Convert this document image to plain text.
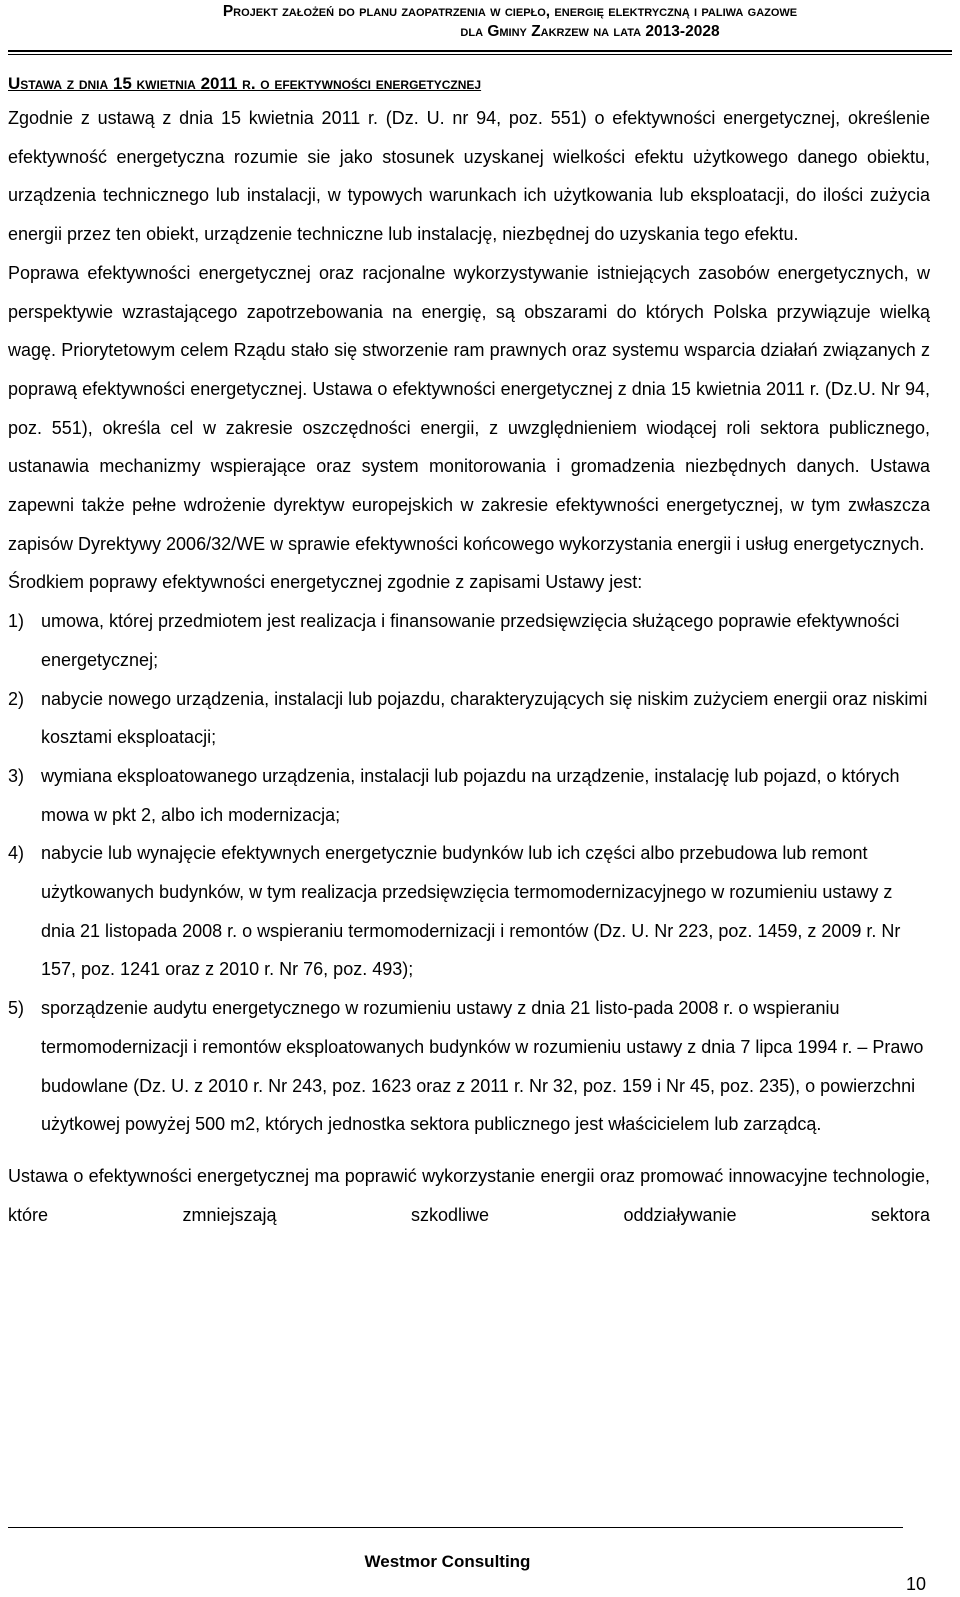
Projekt założeń do planu zaopatrzenia w ciepło, energię elektryczną i paliwa gazowe
dla Gminy Zakrzew na lata 2013-2028
Ustawa z dnia 15 kwietnia 2011 r. o efektywności energetycznej

Zgodnie z ustawą z dnia 15 kwietnia 2011 r. (Dz. U. nr 94, poz. 551) o efektywności energetycznej, określenie efektywność energetyczna rozumie sie jako stosunek uzyskanej wielkości efektu użytkowego danego obiektu, urządzenia technicznego lub instalacji, w typowych warunkach ich użytkowania lub eksploatacji, do ilości zużycia energii przez ten obiekt, urządzenie techniczne lub instalację, niezbędnej do uzyskania tego efektu.

Poprawa efektywności energetycznej oraz racjonalne wykorzystywanie istniejących zasobów energetycznych, w perspektywie wzrastającego zapotrzebowania na energię, są obszarami do których Polska przywiązuje wielką wagę. Priorytetowym celem Rządu stało się stworzenie ram prawnych oraz systemu wsparcia działań związanych z poprawą efektywności energetycznej. Ustawa o efektywności energetycznej z dnia 15 kwietnia 2011 r. (Dz.U. Nr 94, poz. 551), określa cel w zakresie oszczędności energii, z uwzględnieniem wiodącej roli sektora publicznego, ustanawia mechanizmy wspierające oraz system monitorowania i gromadzenia niezbędnych danych. Ustawa zapewni także pełne wdrożenie dyrektyw europejskich w zakresie efektywności energetycznej, w tym zwłaszcza zapisów Dyrektywy 2006/32/WE w sprawie efektywności końcowego wykorzystania energii i usług energetycznych.

Środkiem poprawy efektywności energetycznej zgodnie z zapisami Ustawy jest:

1) umowa, której przedmiotem jest realizacja i finansowanie przedsięwzięcia służącego poprawie efektywności energetycznej;
2) nabycie nowego urządzenia, instalacji lub pojazdu, charakteryzujących się niskim zużyciem energii oraz niskimi kosztami eksploatacji;
3) wymiana eksploatowanego urządzenia, instalacji lub pojazdu na urządzenie, instalację lub pojazd, o których mowa w pkt 2, albo ich modernizacja;
4) nabycie lub wynajęcie efektywnych energetycznie budynków lub ich części albo przebudowa lub remont użytkowanych budynków, w tym realizacja przedsięwzięcia termomodernizacyjnego w rozumieniu ustawy z dnia 21 listopada 2008 r. o wspieraniu termomodernizacji i remontów (Dz. U. Nr 223, poz. 1459, z 2009 r. Nr 157, poz. 1241 oraz z 2010 r. Nr 76, poz. 493);
5) sporządzenie audytu energetycznego w rozumieniu ustawy z dnia 21 listo-pada 2008 r. o wspieraniu termomodernizacji i remontów eksploatowanych budynków w rozumieniu ustawy z dnia 7 lipca 1994 r. – Prawo budowlane (Dz. U. z 2010 r. Nr 243, poz. 1623 oraz z 2011 r. Nr 32, poz. 159 i Nr 45, poz. 235), o powierzchni użytkowej powyżej 500 m2, których jednostka sektora publicznego jest właścicielem lub zarządcą.

Ustawa o efektywności energetycznej ma poprawić wykorzystanie energii oraz promować innowacyjne technologie, które zmniejszają szkodliwe oddziaływanie sektora

Westmor Consulting
10
